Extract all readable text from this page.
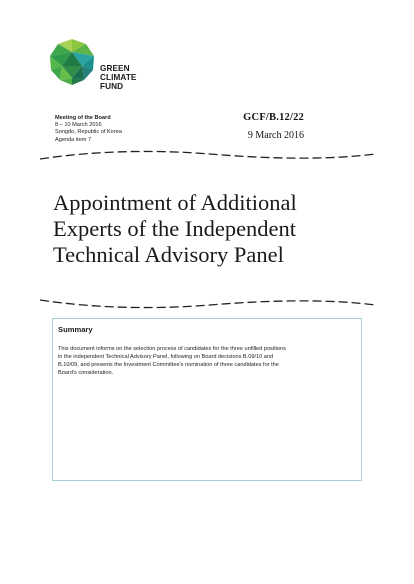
GREEN
CLIMATE
FUND
Meeting of the Board
8 – 10 March 2016
Songdo, Republic of Korea
Agenda item 7
GCF/B.12/22
9 March 2016
Appointment of Additional
Experts of the Independent
Technical Advisory Panel
Summary
This document informs on the selection process of candidates for the three unfilled positions
in the independent Technical Advisory Panel, following on Board decisions B.09/10 and
B.10/09, and presents the Investment Committee's nomination of three candidates for the
Board's consideration.
